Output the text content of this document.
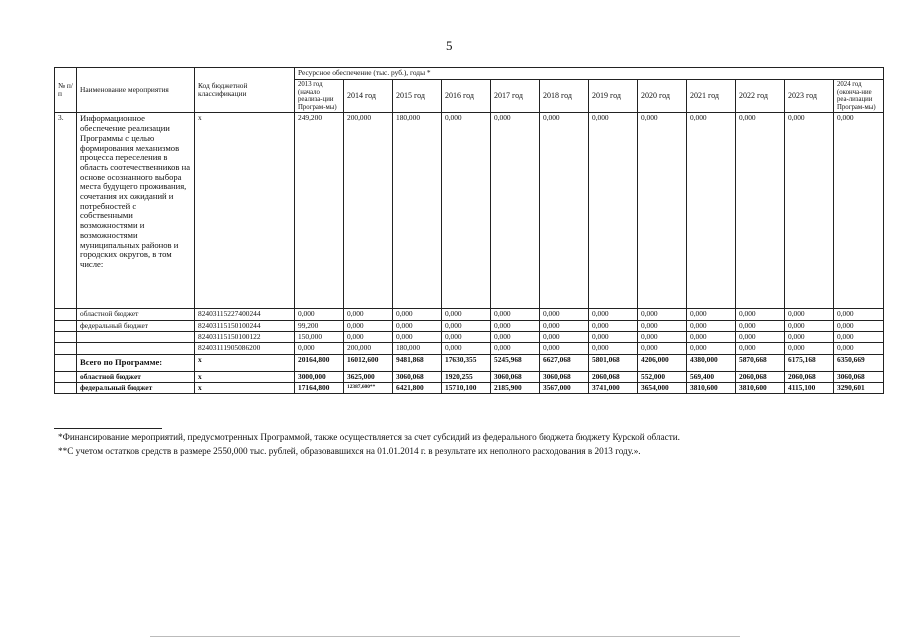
5
№ п/п	Наименование мероприятия	Код бюджетной классификации	Ресурсное обеспечение (тыс. руб.), годы *											
			2013 год (начало реализа-ции Програм-мы)	2014 год	2015 год	2016 год	2017 год	2018 год	2019 год	2020 год	2021 год	2022 год	2023 год	2024 год (оконча-ние реа-лизации Програм-мы)
3.	Информационное обеспечение реализации Программы с целью формирования механизмов процесса переселения в область соотечественников на основе осознанного выбора места будущего проживания, сочетания их ожиданий и потребностей с собственными возможностями и возможностями муниципальных районов и городских округов, в том числе:	х	249,200	200,000	180,000	0,000	0,000	0,000	0,000	0,000	0,000	0,000	0,000	0,000
	областной бюджет	82403115227400244	0,000	0,000	0,000	0,000	0,000	0,000	0,000	0,000	0,000	0,000	0,000	0,000
	федеральный бюджет	82403115150100244	99,200	0,000	0,000	0,000	0,000	0,000	0,000	0,000	0,000	0,000	0,000	0,000
		82403115150100122	150,000	0,000	0,000	0,000	0,000	0,000	0,000	0,000	0,000	0,000	0,000	0,000
		82403111905086200	0,000	200,000	180,000	0,000	0,000	0,000	0,000	0,000	0,000	0,000	0,000	0,000
	Всего по Программе:	х	20164,800	16012,600	9481,868	17630,355	5245,968	6627,068	5801,068	4206,000	4380,000	5870,668	6175,168	6350,669
	областной бюджет	х	3000,000	3625,000	3060,068	1920,255	3060,068	3060,068	2060,068	552,000	569,400	2060,068	2060,068	3060,068
	федеральный бюджет	х	17164,800	12387,600**	6421,800	15710,100	2185,900	3567,000	3741,000	3654,000	3810,600	3810,600	4115,100	3290,601
*Финансирование мероприятий, предусмотренных Программой, также осуществляется за счет субсидий из федерального бюджета бюджету Курской области.
**С учетом остатков средств в размере 2550,000 тыс. рублей, образовавшихся на 01.01.2014 г. в результате их неполного расходования в 2013 году.».
